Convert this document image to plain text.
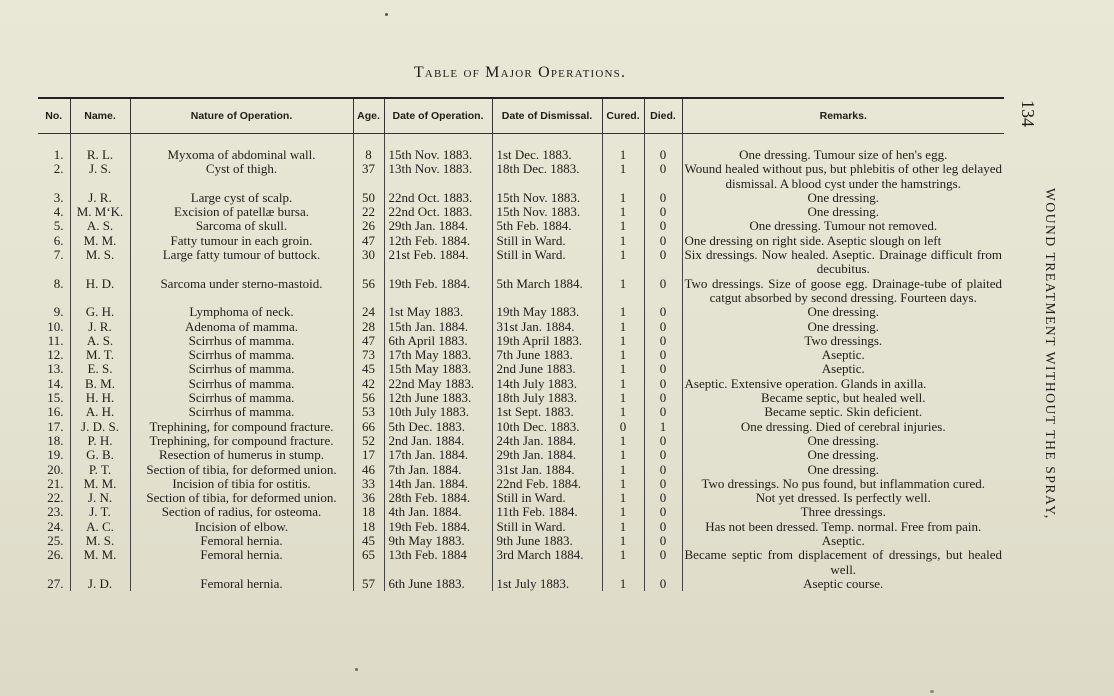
Table of Major Operations.
134
WOUND TREATMENT WITHOUT THE SPRAY,
No.	Name.	Nature of Operation.	Age.	Date of Operation.	Date of Dismissal.	Cured.	Died.	Remarks.

1.	R. L.	Myxoma of abdominal wall.	8	15th Nov. 1883.	1st Dec. 1883.	1	0	One dressing. Tumour size of hen's egg.
2.	J. S.	Cyst of thigh.	37	13th Nov. 1883.	18th Dec. 1883.	1	0	Wound healed without pus, but phlebitis of other leg delayed dismissal. A blood cyst under the hamstrings.
3.	J. R.	Large cyst of scalp.	50	22nd Oct. 1883.	15th Nov. 1883.	1	0	One dressing.
4.	M. M‘K.	Excision of patellæ bursa.	22	22nd Oct. 1883.	15th Nov. 1883.	1	0	One dressing.
5.	A. S.	Sarcoma of skull.	26	29th Jan. 1884.	5th Feb. 1884.	1	0	One dressing. Tumour not removed.
6.	M. M.	Fatty tumour in each groin.	47	12th Feb. 1884.	Still in Ward.	1	0	One dressing on right side. Aseptic slough on left
7.	M. S.	Large fatty tumour of buttock.	30	21st Feb. 1884.	Still in Ward.	1	0	Six dressings. Now healed. Aseptic. Drainage difficult from decubitus.
8.	H. D.	Sarcoma under sterno-mastoid.	56	19th Feb. 1884.	5th March 1884.	1	0	Two dressings. Size of goose egg. Drainage-tube of plaited catgut absorbed by second dressing. Fourteen days.
9.	G. H.	Lymphoma of neck.	24	1st May 1883.	19th May 1883.	1	0	One dressing.
10.	J. R.	Adenoma of mamma.	28	15th Jan. 1884.	31st Jan. 1884.	1	0	One dressing.
11.	A. S.	Scirrhus of mamma.	47	6th April 1883.	19th April 1883.	1	0	Two dressings.
12.	M. T.	Scirrhus of mamma.	73	17th May 1883.	7th June 1883.	1	0	Aseptic.
13.	E. S.	Scirrhus of mamma.	45	15th May 1883.	2nd June 1883.	1	0	Aseptic.
14.	B. M.	Scirrhus of mamma.	42	22nd May 1883.	14th July 1883.	1	0	Aseptic. Extensive operation. Glands in axilla.
15.	H. H.	Scirrhus of mamma.	56	12th June 1883.	18th July 1883.	1	0	Became septic, but healed well.
16.	A. H.	Scirrhus of mamma.	53	10th July 1883.	1st Sept. 1883.	1	0	Became septic. Skin deficient.
17.	J. D. S.	Trephining, for compound fracture.	66	5th Dec. 1883.	10th Dec. 1883.	0	1	One dressing. Died of cerebral injuries.
18.	P. H.	Trephining, for compound fracture.	52	2nd Jan. 1884.	24th Jan. 1884.	1	0	One dressing.
19.	G. B.	Resection of humerus in stump.	17	17th Jan. 1884.	29th Jan. 1884.	1	0	One dressing.
20.	P. T.	Section of tibia, for deformed union.	46	7th Jan. 1884.	31st Jan. 1884.	1	0	One dressing.
21.	M. M.	Incision of tibia for ostitis.	33	14th Jan. 1884.	22nd Feb. 1884.	1	0	Two dressings. No pus found, but inflammation cured.
22.	J. N.	Section of tibia, for deformed union.	36	28th Feb. 1884.	Still in Ward.	1	0	Not yet dressed. Is perfectly well.
23.	J. T.	Section of radius, for osteoma.	18	4th Jan. 1884.	11th Feb. 1884.	1	0	Three dressings.
24.	A. C.	Incision of elbow.	18	19th Feb. 1884.	Still in Ward.	1	0	Has not been dressed. Temp. normal. Free from pain.
25.	M. S.	Femoral hernia.	45	9th May 1883.	9th June 1883.	1	0	Aseptic.
26.	M. M.	Femoral hernia.	65	13th Feb. 1884	3rd March 1884.	1	0	Became septic from displacement of dressings, but healed well.
27.	J. D.	Femoral hernia.	57	6th June 1883.	1st July 1883.	1	0	Aseptic course.
